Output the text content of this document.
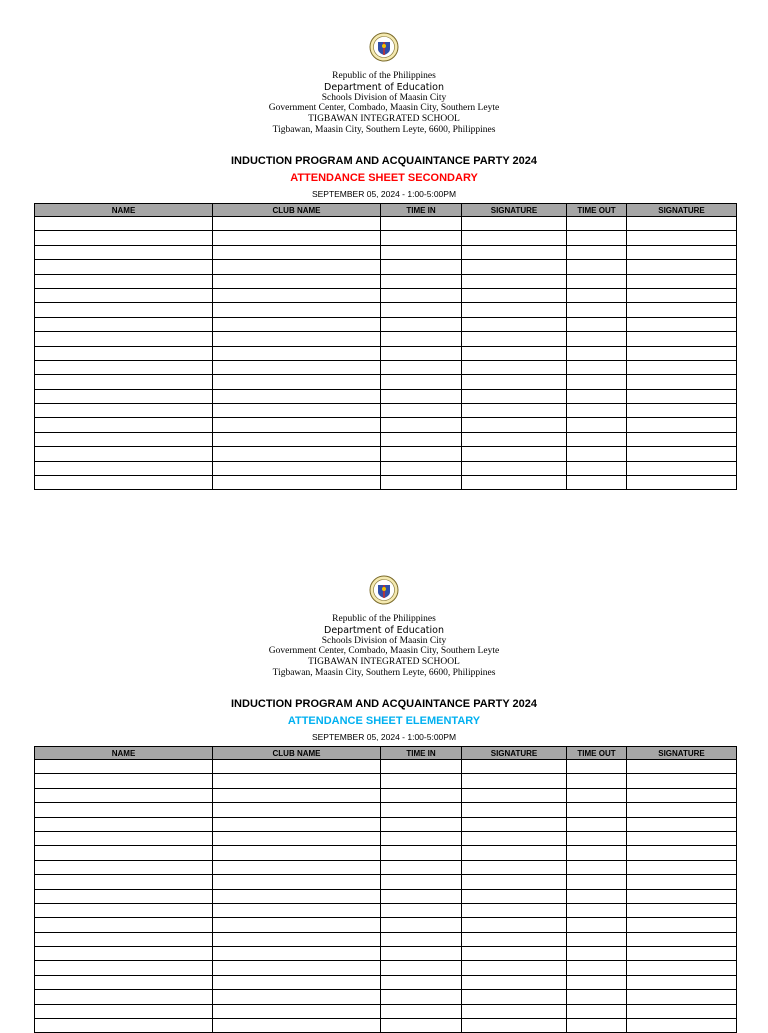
Republic of the Philippines
Department of Education
Schools Division of Maasin City
Government Center, Combado, Maasin City, Southern Leyte
TIGBAWAN INTEGRATED SCHOOL
Tigbawan, Maasin City, Southern Leyte, 6600, Philippines
INDUCTION PROGRAM AND ACQUAINTANCE PARTY 2024
ATTENDANCE SHEET SECONDARY
SEPTEMBER 05, 2024 - 1:00-5:00PM
NAME	CLUB NAME	TIME IN	SIGNATURE	TIME OUT	SIGNATURE

Republic of the Philippines
Department of Education
Schools Division of Maasin City
Government Center, Combado, Maasin City, Southern Leyte
TIGBAWAN INTEGRATED SCHOOL
Tigbawan, Maasin City, Southern Leyte, 6600, Philippines
INDUCTION PROGRAM AND ACQUAINTANCE PARTY 2024
ATTENDANCE SHEET ELEMENTARY
SEPTEMBER 05, 2024 - 1:00-5:00PM
NAME	CLUB NAME	TIME IN	SIGNATURE	TIME OUT	SIGNATURE
